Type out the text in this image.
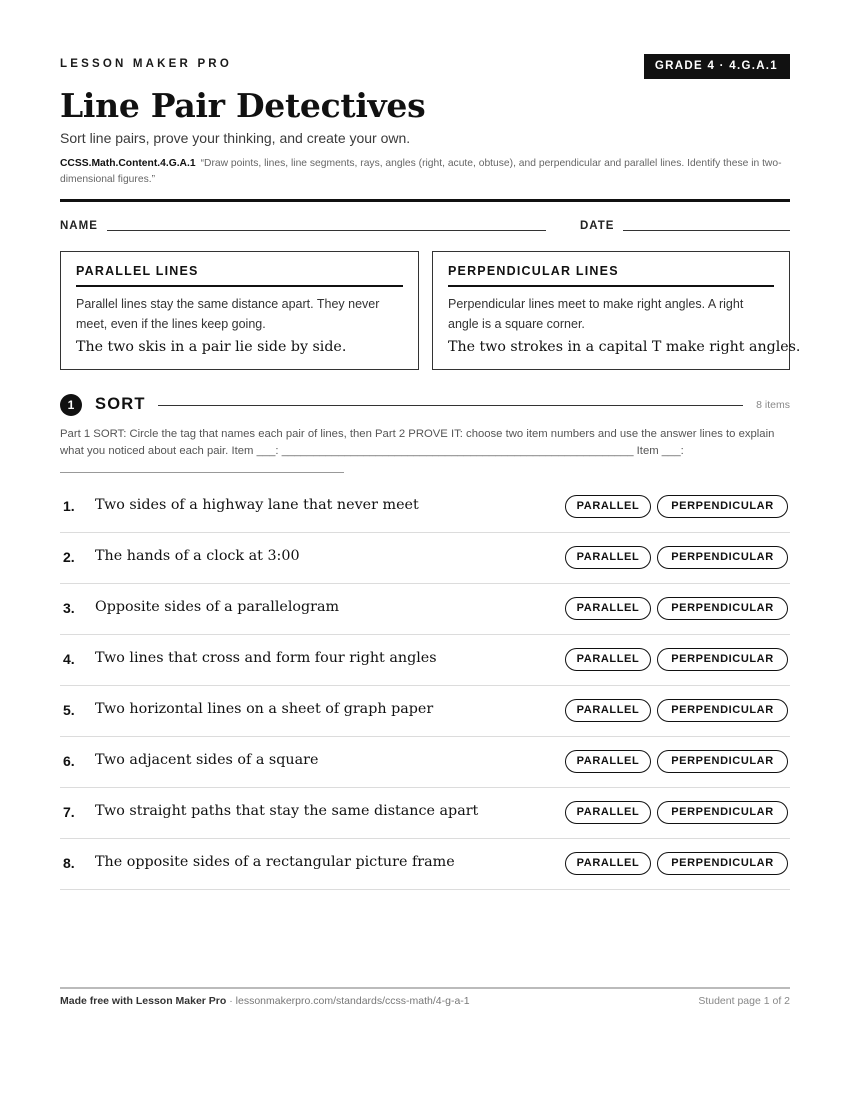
LESSON MAKER PRO	GRADE 4 · 4.G.A.1
Line Pair Detectives
Sort line pairs, prove your thinking, and create your own.
CCSS.Math.Content.4.G.A.1 “Draw points, lines, line segments, rays, angles (right, acute, obtuse), and perpendicular and parallel lines. Identify these in two-dimensional figures.”
NAME	DATE
PARALLEL LINES
Parallel lines stay the same distance apart. They never meet, even if the lines keep going.
The two skis in a pair lie side by side.
PERPENDICULAR LINES
Perpendicular lines meet to make right angles. A right angle is a square corner.
The two strokes in a capital T make right angles.
1	SORT	8 items
Part 1 SORT: Circle the tag that names each pair of lines, then Part 2 PROVE IT: choose two item numbers and use the answer lines to explain what you noticed about each pair. Item ___: ________________________________________________________ Item ___:
1. Two sides of a highway lane that never meet	PARALLEL	PERPENDICULAR
2. The hands of a clock at 3:00	PARALLEL	PERPENDICULAR
3. Opposite sides of a parallelogram	PARALLEL	PERPENDICULAR
4. Two lines that cross and form four right angles	PARALLEL	PERPENDICULAR
5. Two horizontal lines on a sheet of graph paper	PARALLEL	PERPENDICULAR
6. Two adjacent sides of a square	PARALLEL	PERPENDICULAR
7. Two straight paths that stay the same distance apart	PARALLEL	PERPENDICULAR
8. The opposite sides of a rectangular picture frame	PARALLEL	PERPENDICULAR
Made free with Lesson Maker Pro · lessonmakerpro.com/standards/ccss-math/4-g-a-1	Student page 1 of 2
